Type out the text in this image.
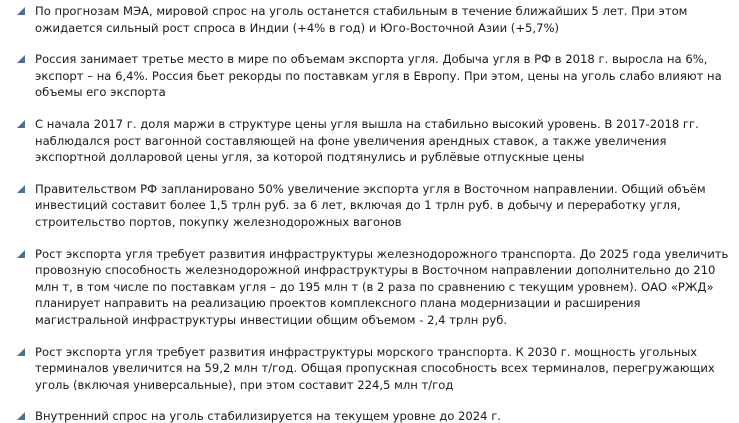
По прогнозам МЭА, мировой спрос на уголь останется стабильным в течение ближайших 5 лет. При этом ожидается сильный рост спроса в Индии (+4% в год) и Юго-Восточной Азии (+5,7%)
Россия занимает третье место в мире по объемам экспорта угля. Добыча угля в РФ в 2018 г. выросла на 6%, экспорт – на 6,4%. Россия бьет рекорды по поставкам угля в Европу. При этом, цены на уголь слабо влияют на объемы его экспорта
С начала 2017 г. доля маржи в структуре цены угля вышла на стабильно высокий уровень. В 2017-2018 гг. наблюдался рост вагонной составляющей на фоне увеличения арендных ставок, а также увеличения экспортной долларовой цены угля, за которой подтянулись и рублёвые отпускные цены
Правительством РФ запланировано 50% увеличение экспорта угля в Восточном направлении. Общий объём инвестиций составит более 1,5 трлн руб. за 6 лет, включая до 1 трлн руб. в добычу и переработку угля, строительство портов, покупку железнодорожных вагонов
Рост экспорта угля требует развития инфраструктуры железнодорожного транспорта. До 2025 года увеличить провозную способность железнодорожной инфраструктуры в Восточном направлении дополнительно до 210 млн т, в том числе по поставкам угля – до 195 млн т (в 2 раза по сравнению с текущим уровнем). ОАО «РЖД» планирует направить на реализацию проектов комплексного плана модернизации и расширения магистральной инфраструктуры инвестиции общим объемом - 2,4 трлн руб.
Рост экспорта угля требует развития инфраструктуры морского транспорта. К 2030 г. мощность угольных терминалов увеличится на 59,2 млн т/год. Общая пропускная способность всех терминалов, перегружающих уголь (включая универсальные), при этом составит 224,5 млн т/год
Внутренний спрос на уголь стабилизируется на текущем уровне до 2024 г.
